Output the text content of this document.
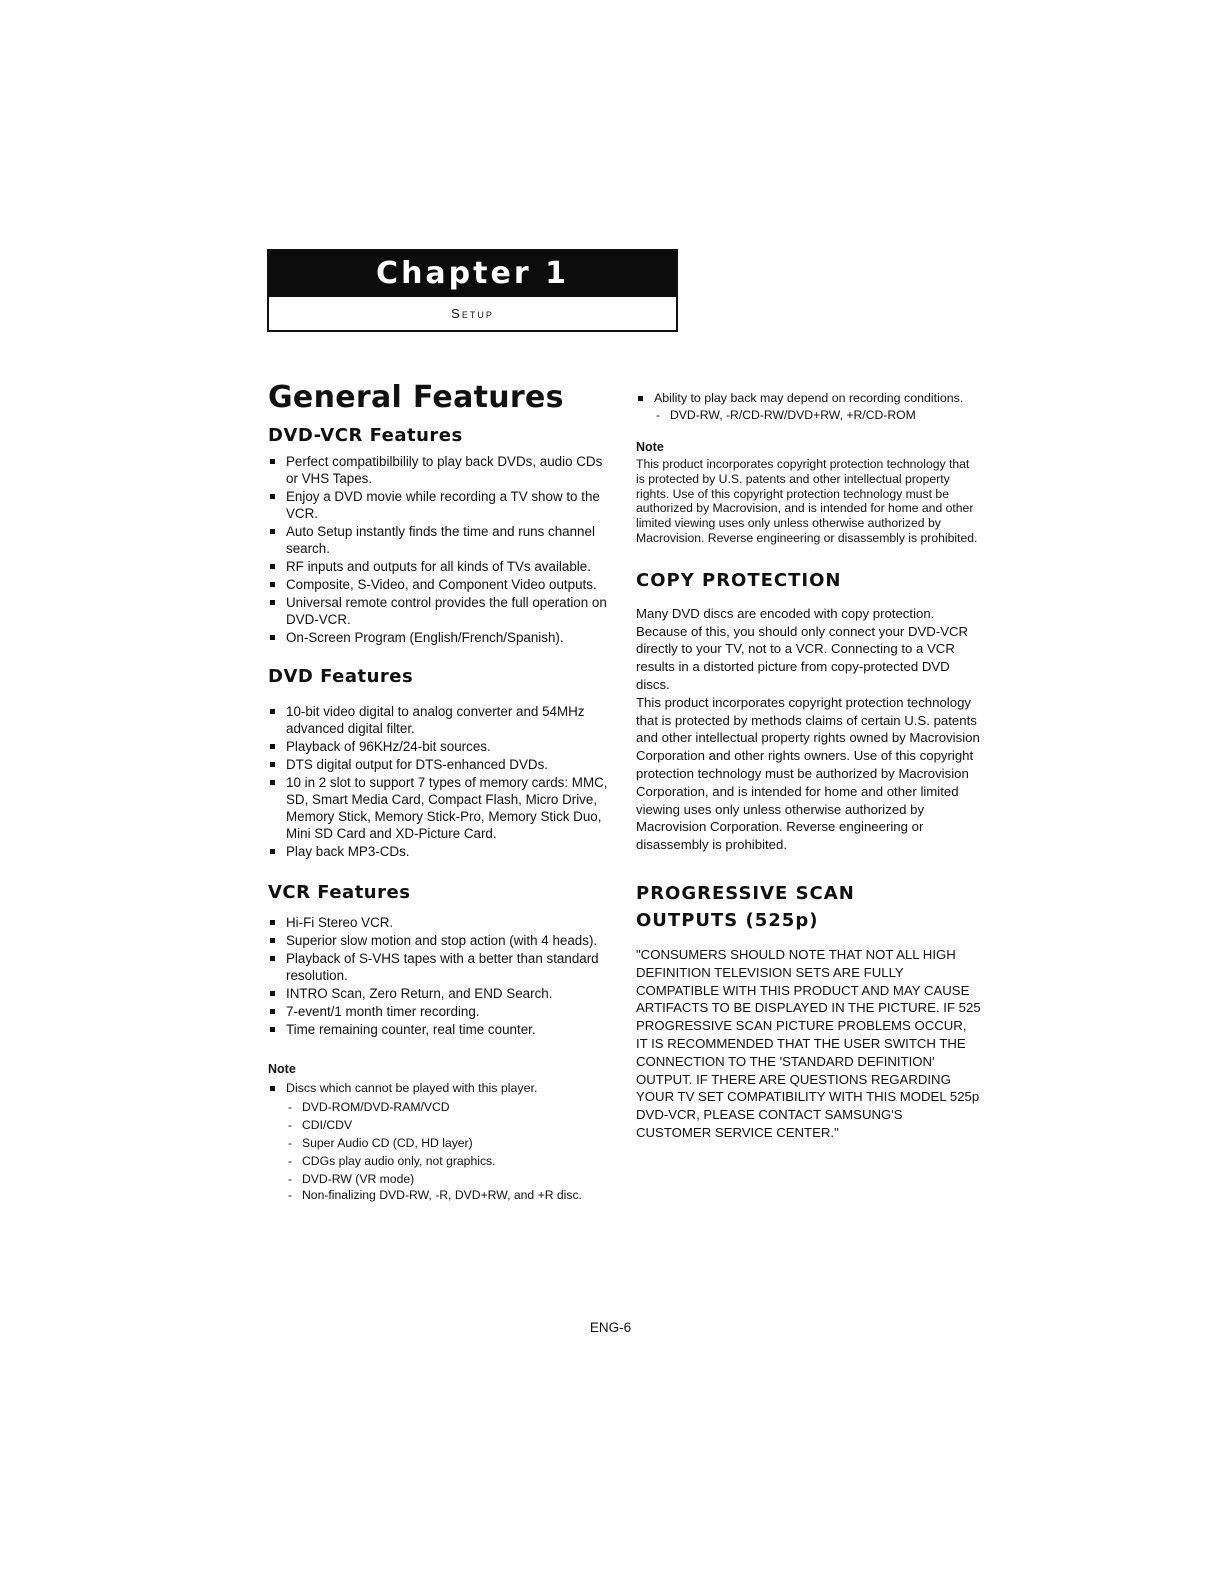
Chapter 1
Setup
General Features
DVD-VCR Features
Perfect compatibilbilily to play back DVDs, audio CDs or VHS Tapes.
Enjoy a DVD movie while recording a TV show to the VCR.
Auto Setup instantly finds the time and runs channel search.
RF inputs and outputs for all kinds of TVs available.
Composite, S-Video, and Component Video outputs.
Universal remote control provides the full operation on DVD-VCR.
On-Screen Program (English/French/Spanish).
DVD Features
10-bit video digital to analog converter and 54MHz advanced digital filter.
Playback of 96KHz/24-bit sources.
DTS digital output for DTS-enhanced DVDs.
10 in 2 slot to support 7 types of memory cards: MMC, SD, Smart Media Card, Compact Flash, Micro Drive, Memory Stick, Memory Stick-Pro, Memory Stick Duo, Mini SD Card and XD-Picture Card.
Play back MP3-CDs.
VCR Features
Hi-Fi Stereo VCR.
Superior slow motion and stop action (with 4 heads).
Playback of S-VHS tapes with a better than standard resolution.
INTRO Scan, Zero Return, and END Search.
7-event/1 month timer recording.
Time remaining counter, real time counter.
Note
Discs which cannot be played with this player.
- DVD-ROM/DVD-RAM/VCD
- CDI/CDV
- Super Audio CD (CD, HD layer)
- CDGs play audio only, not graphics.
- DVD-RW (VR mode)
- Non-finalizing DVD-RW, -R, DVD+RW, and +R disc.
Ability to play back may depend on recording conditions.
- DVD-RW, -R/CD-RW/DVD+RW, +R/CD-ROM
Note

This product incorporates copyright protection technology that is protected by U.S. patents and other intellectual property rights. Use of this copyright protection technology must be authorized by Macrovision, and is intended for home and other limited viewing uses only unless otherwise authorized by Macrovision. Reverse engineering or disassembly is prohibited.

COPY PROTECTION

Many DVD discs are encoded with copy protection. Because of this, you should only connect your DVD-VCR directly to your TV, not to a VCR. Connecting to a VCR results in a distorted picture from copy-protected DVD discs.

This product incorporates copyright protection technology that is protected by methods claims of certain U.S. patents and other intellectual property rights owned by Macrovision Corporation and other rights owners. Use of this copyright protection technology must be authorized by Macrovision Corporation, and is intended for home and other limited viewing uses only unless otherwise authorized by Macrovision Corporation. Reverse engineering or disassembly is prohibited.

PROGRESSIVE SCAN
OUTPUTS (525p)

"CONSUMERS SHOULD NOTE THAT NOT ALL HIGH DEFINITION TELEVISION SETS ARE FULLY COMPATIBLE WITH THIS PRODUCT AND MAY CAUSE ARTIFACTS TO BE DISPLAYED IN THE PICTURE. IF 525 PROGRESSIVE SCAN PICTURE PROBLEMS OCCUR, IT IS RECOMMENDED THAT THE USER SWITCH THE CONNECTION TO THE 'STANDARD DEFINITION' OUTPUT. IF THERE ARE QUESTIONS REGARDING YOUR TV SET COMPATIBILITY WITH THIS MODEL 525p DVD-VCR, PLEASE CONTACT SAMSUNG'S CUSTOMER SERVICE CENTER."

ENG-6
